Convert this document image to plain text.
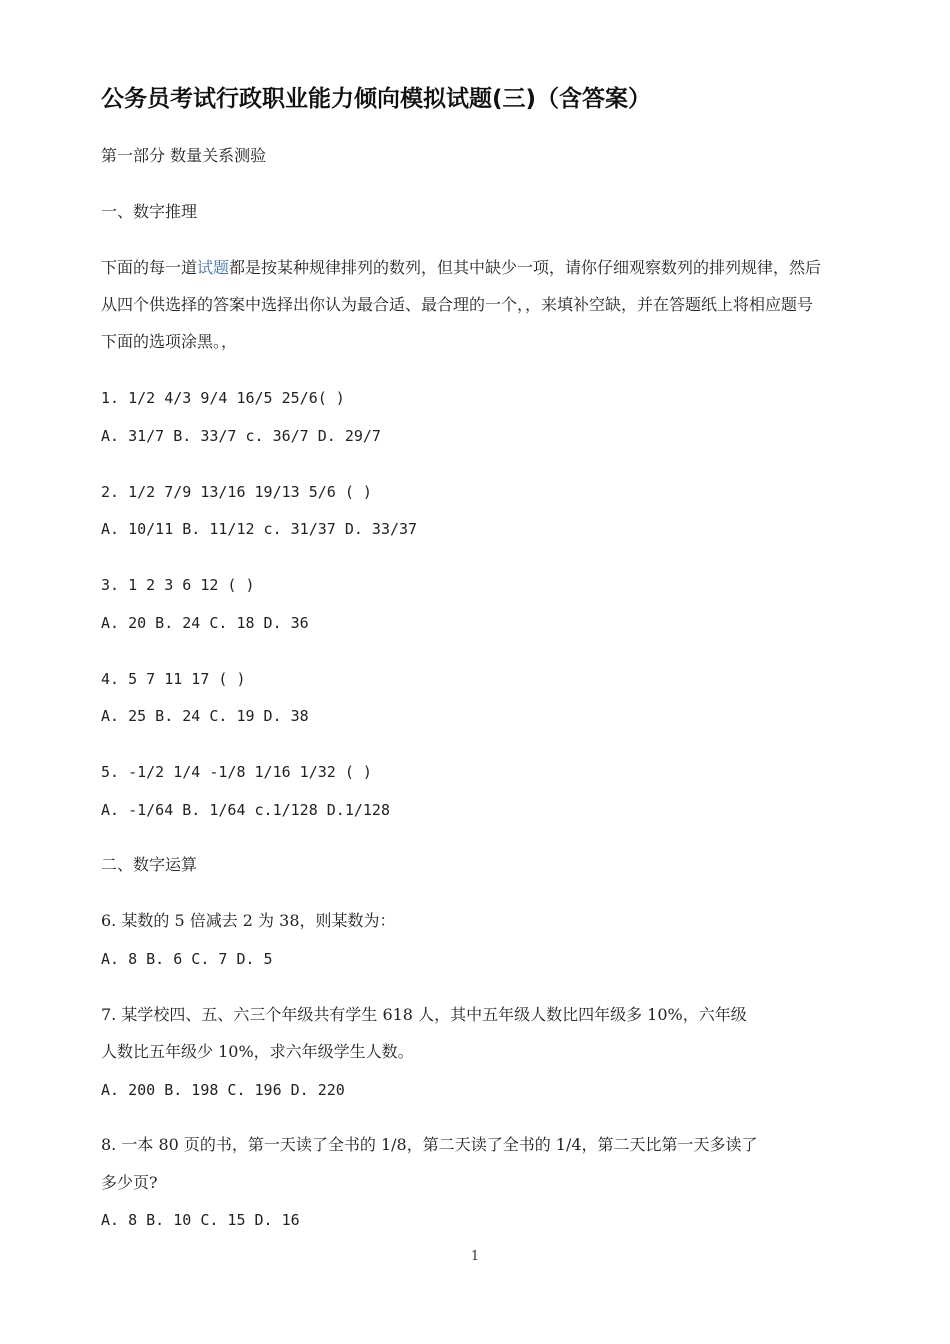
公务员考试行政职业能力倾向模拟试题(三)（含答案）
第一部分 数量关系测验
一、数字推理
下面的每一道试题都是按某种规律排列的数列，但其中缺少一项，请你仔细观察数列的排列规律，然后
从四个供选择的答案中选择出你认为最合适、最合理的一个，，来填补空缺，并在答题纸上将相应题号
下面的选项涂黑。，
1. 1/2 4/3 9/4 16/5 25/6( )
A. 31/7 B. 33/7 c. 36/7 D. 29/7
2. 1/2 7/9 13/16 19/13 5/6 ( )
A. 10/11 B. 11/12 c. 31/37 D. 33/37
3. 1 2 3 6 12 ( )
A. 20 B. 24 C. 18 D. 36
4. 5 7 11 17 ( )
A. 25 B. 24 C. 19 D. 38
5. -1/2 1/4 -1/8 1/16 1/32 ( )
A. -1/64 B. 1/64 c.1/128 D.1/128
二、数字运算
6. 某数的 5 倍减去 2 为 38，则某数为：
A. 8 B. 6 C. 7 D. 5
7. 某学校四、五、六三个年级共有学生 618 人，其中五年级人数比四年级多 10%，六年级
人数比五年级少 10%，求六年级学生人数。
A. 200 B. 198 C. 196 D. 220
8. 一本 80 页的书，第一天读了全书的 1/8，第二天读了全书的 1/4，第二天比第一天多读了
多少页?
A. 8 B. 10 C. 15 D. 16
1
